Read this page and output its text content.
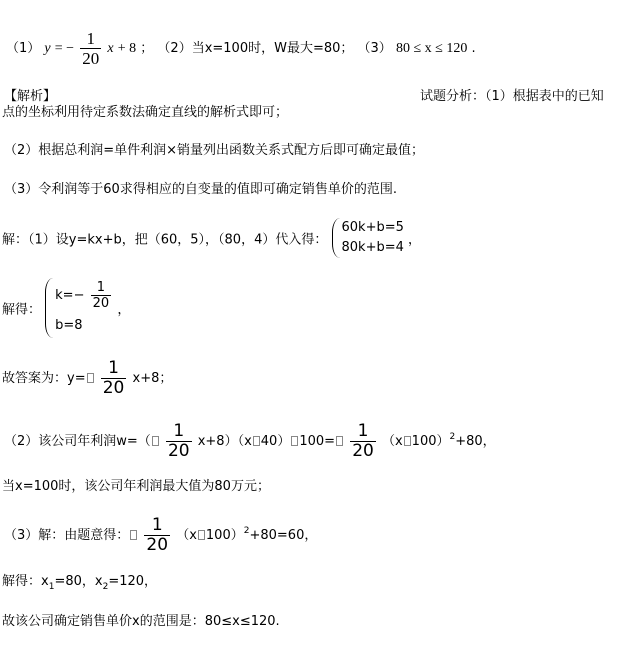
（1） y = − $\frac{1}{20}$ x + 8 ； （2）当x=100时，W最大=80； （3） 80 ≤ x ≤ 120 .
【解析】	试题分析：（1）根据表中的已知
点的坐标利用待定系数法确定直线的解析式即可；
（2）根据总利润=单件利润×销量列出函数关系式配方后即可确定最值；
（3）令利润等于60求得相应的自变量的值即可确定销售单价的范围.
解：（1）设y=kx+b，把（60，5），（80，4）代入得：
60k+b=5
80k+b=4 ，
解得：
$k=- \frac{1}{20}$
b=8
，
故答案为：$y= \frac{1}{20} x+8$；
（2）该公司年利润$w=( \frac{1}{20} x+8)(x$ 40） $100= \frac{1}{20} (x$ 100）$^2$+80，
当x=100时，该公司年利润最大值为80万元；
（3）解：由题意得： $\frac{1}{20} (x$ 100）$^2$+80=60，
解得：$x_1=80$，$x_2=120$，
故该公司确定销售单价x的范围是：80≤x≤120.
